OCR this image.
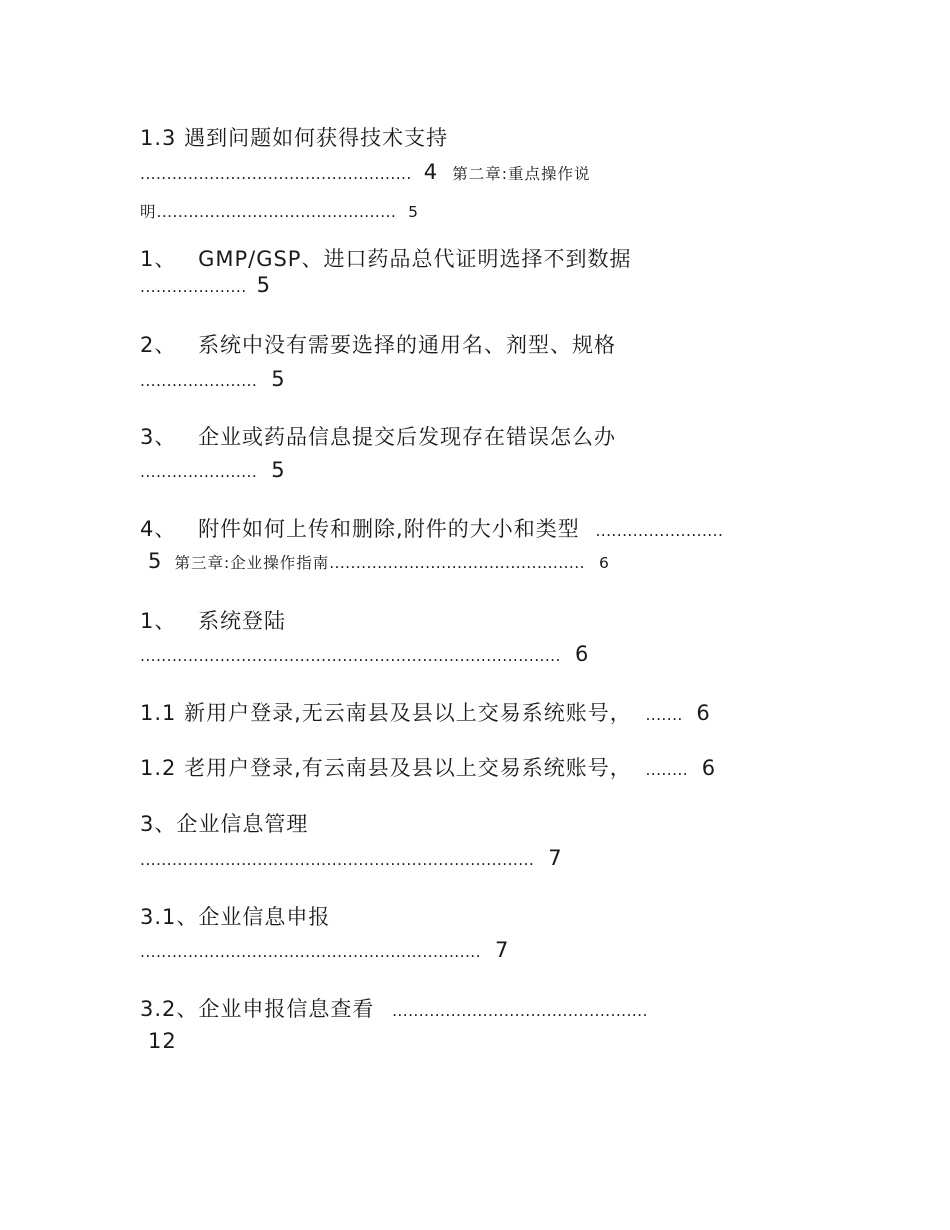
1.3 遇到问题如何获得技术支持
................................................... 4 第二章:重点操作说
明............................................. 5
1、 GMP/GSP、进口药品总代证明选择不到数据
.................... 5
2、 系统中没有需要选择的通用名、剂型、规格
...................... 5
3、 企业或药品信息提交后发现存在错误怎么办
...................... 5
4、 附件如何上传和删除,附件的大小和类型 ........................
5 第三章:企业操作指南................................................ 6
1、 系统登陆
............................................................................... 6
1.1 新用户登录,无云南县及县以上交易系统账号， ....... 6
1.2 老用户登录,有云南县及县以上交易系统账号， ........ 6
3、企业信息管理
.......................................................................... 7
3.1、企业信息申报
................................................................ 7
3.2、企业申报信息查看 ................................................
12
